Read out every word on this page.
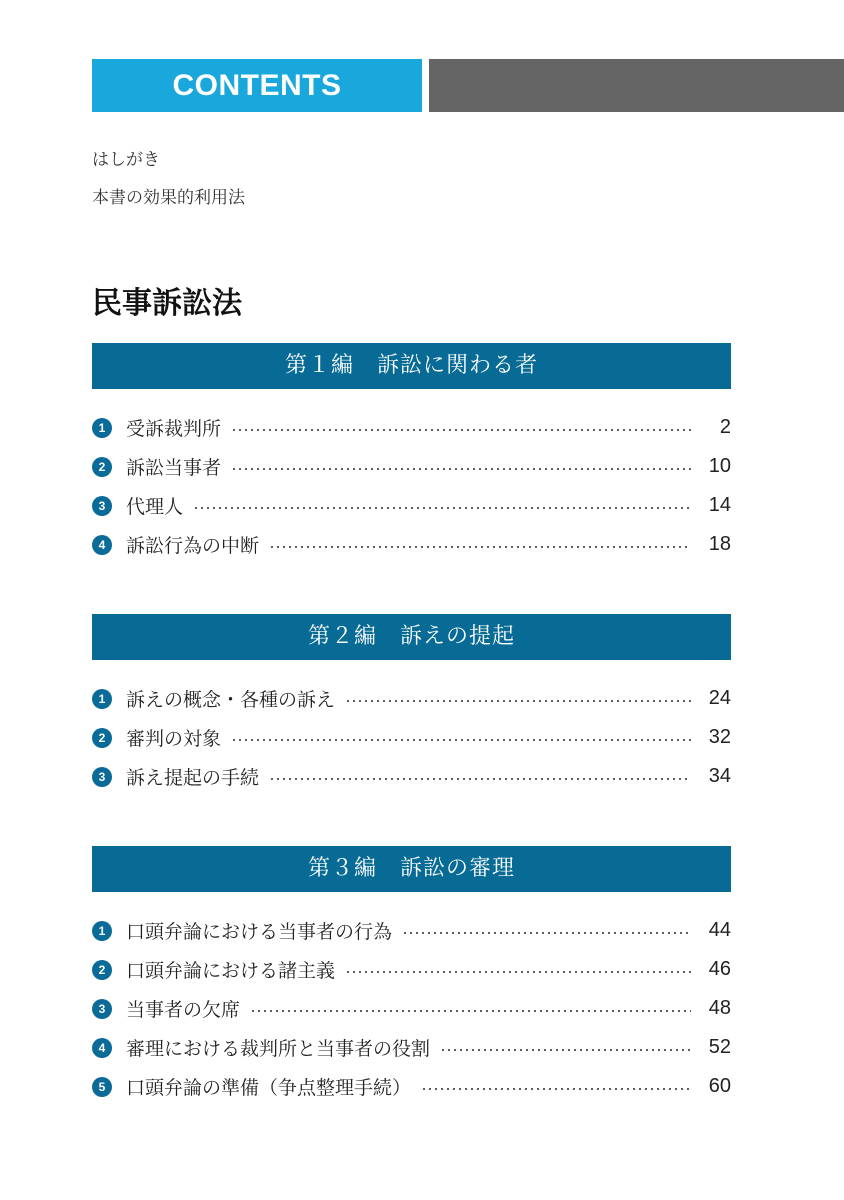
CONTENTS
はしがき
本書の効果的利用法
民事訴訟法
第１編　訴訟に関わる者
1	受訴裁判所	2
2	訴訟当事者	10
3	代理人	14
4	訴訟行為の中断	18
第２編　訴えの提起
1	訴えの概念・各種の訴え	24
2	審判の対象	32
3	訴え提起の手続	34
第３編　訴訟の審理
1	口頭弁論における当事者の行為	44
2	口頭弁論における諸主義	46
3	当事者の欠席	48
4	審理における裁判所と当事者の役割	52
5	口頭弁論の準備（争点整理手続）	60
